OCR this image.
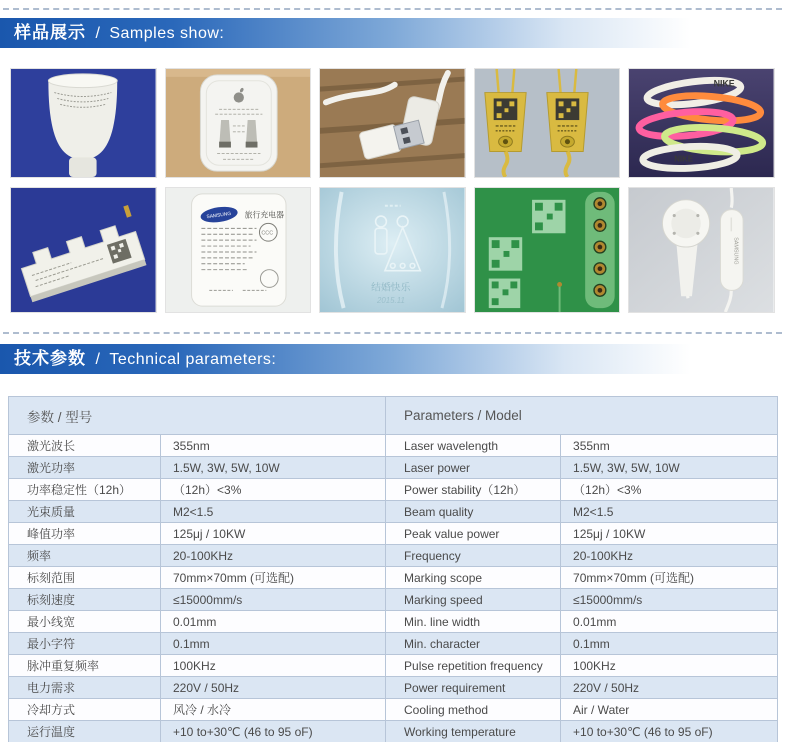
样品展示 / Samples show:
NIKE
NIKE
SAMSUNG 旅行充电器
CCC
结婚快乐
2015.11
SAMSUNG
技术参数 / Technical parameters:
参数 / 型号		Parameters / Model	
激光波长	355nm	Laser wavelength	355nm
激光功率	1.5W, 3W, 5W, 10W	Laser power	1.5W, 3W, 5W, 10W
功率稳定性（12h）	（12h）<3%	Power stability（12h）	（12h）<3%
光束质量	M2<1.5	Beam quality	M2<1.5
峰值功率	125μj / 10KW	Peak value power	125μj / 10KW
频率	20-100KHz	Frequency	20-100KHz
标刻范围	70mm×70mm (可选配)	Marking scope	70mm×70mm (可选配)
标刻速度	≤15000mm/s	Marking speed	≤15000mm/s
最小线宽	0.01mm	Min. line width	0.01mm
最小字符	0.1mm	Min. character	0.1mm
脉冲重复频率	100KHz	Pulse repetition frequency	100KHz
电力需求	220V / 50Hz	Power requirement	220V / 50Hz
冷却方式	风冷 / 水冷	Cooling method	Air / Water
运行温度	+10 to+30℃ (46 to 95 oF)	Working temperature	+10 to+30℃ (46 to 95 oF)
